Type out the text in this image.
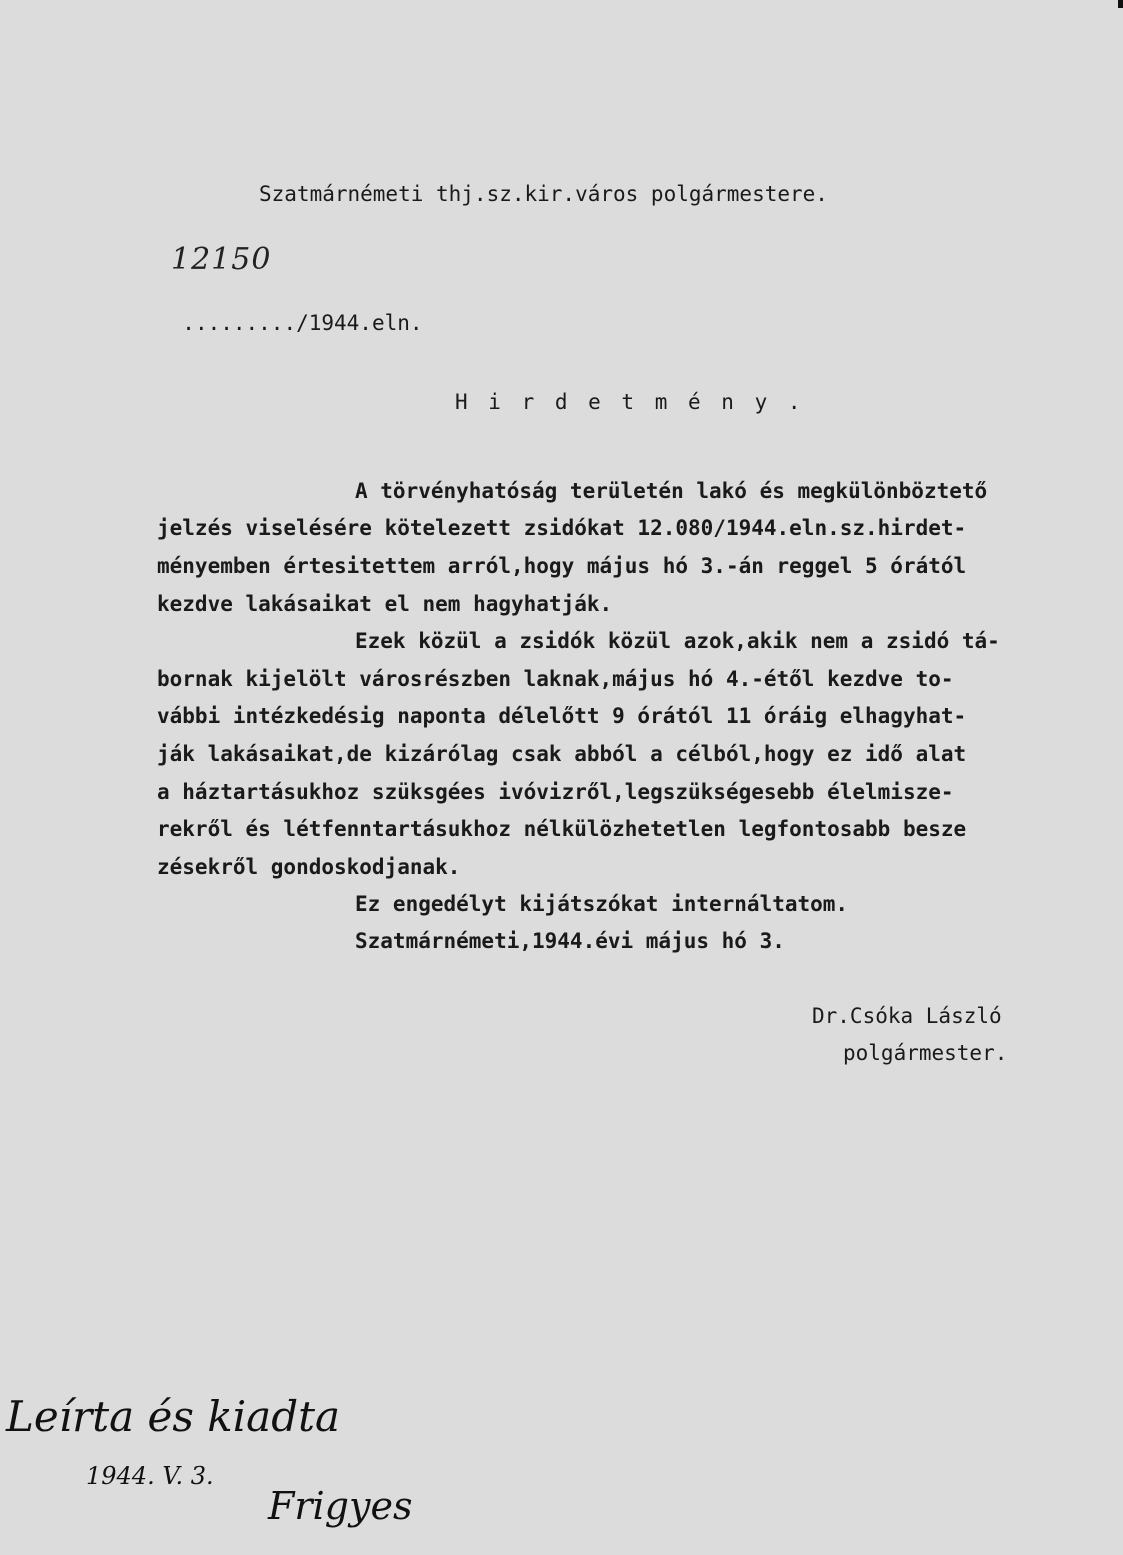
Szatmárnémeti thj.sz.kir.város polgármestere.

12150

........./1944.eln.

H i r d e t m é n y .
A törvényhatóság területén lakó és megkülönböztető
jelzés viselésére kötelezett zsidókat 12.080/1944.eln.sz.hirdet-
ményemben értesitettem arról,hogy május hó 3.-án reggel 5 órától
kezdve lakásaikat el nem hagyhatják.
Ezek közül a zsidók közül azok,akik nem a zsidó tá-
bornak kijelölt városrészben laknak,május hó 4.-étől kezdve to-
vábbi intézkedésig naponta délelőtt 9 órától 11 óráig elhagyhat-
ják lakásaikat,de kizárólag csak abból a célból,hogy ez idő alat
a háztartásukhoz szüksgées ivóvizről,legszükségesebb élelmisze-
rekről és létfenntartásukhoz nélkülözhetetlen legfontosabb besze
zésekről gondoskodjanak.
Ez engedélyt kijátszókat internáltatom.
Szatmárnémeti,1944.évi május hó 3.
Dr.Csóka László
polgármester.
Leírta és kiadta
1944. V. 3.
Frigyes
